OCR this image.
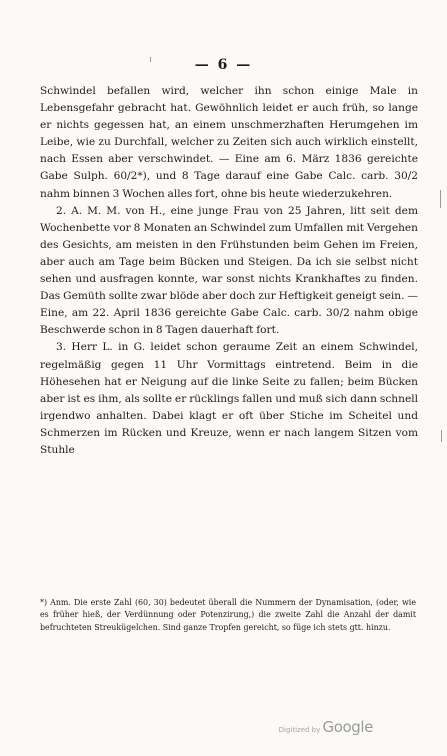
— 6 —

Schwindel befallen wird, welcher ihn schon einige Male in Lebensgefahr gebracht hat. Gewöhnlich leidet er auch früh, so lange er nichts gegessen hat, an einem unschmerzhaften Herumgehen im Leibe, wie zu Durchfall, welcher zu Zeiten sich auch wirklich einstellt, nach Essen aber verschwindet. — Eine am 6. März 1836 gereichte Gabe Sulph. 60/2*), und 8 Tage darauf eine Gabe Calc. carb. 30/2 nahm binnen 3 Wochen alles fort, ohne bis heute wiederzukehren.

2. A. M. M. von H., eine junge Frau von 25 Jahren, litt seit dem Wochenbette vor 8 Monaten an Schwindel zum Umfallen mit Vergehen des Gesichts, am meisten in den Frühstunden beim Gehen im Freien, aber auch am Tage beim Bücken und Steigen. Da ich sie selbst nicht sehen und ausfragen konnte, war sonst nichts Krankhaftes zu finden. Das Gemüth sollte zwar blöde aber doch zur Heftigkeit geneigt sein. — Eine, am 22. April 1836 gereichte Gabe Calc. carb. 30/2 nahm obige Beschwerde schon in 8 Tagen dauerhaft fort.

3. Herr L. in G. leidet schon geraume Zeit an einem Schwindel, regelmäßig gegen 11 Uhr Vormittags eintretend. Beim in die Höhesehen hat er Neigung auf die linke Seite zu fallen; beim Bücken aber ist es ihm, als sollte er rücklings fallen und muß sich dann schnell irgendwo anhalten. Dabei klagt er oft über Stiche im Scheitel und Schmerzen im Rücken und Kreuze, wenn er nach langem Sitzen vom Stuhle

*) Anm. Die erste Zahl (60, 30) bedeutet überall die Nummern der Dynamisation, (oder, wie es früher hieß, der Verdünnung oder Potenzirung,) die zweite Zahl die Anzahl der damit befruchteten Streukügelchen. Sind ganze Tropfen gereicht, so füge ich stets gtt. hinzu.
Digitized by Google
